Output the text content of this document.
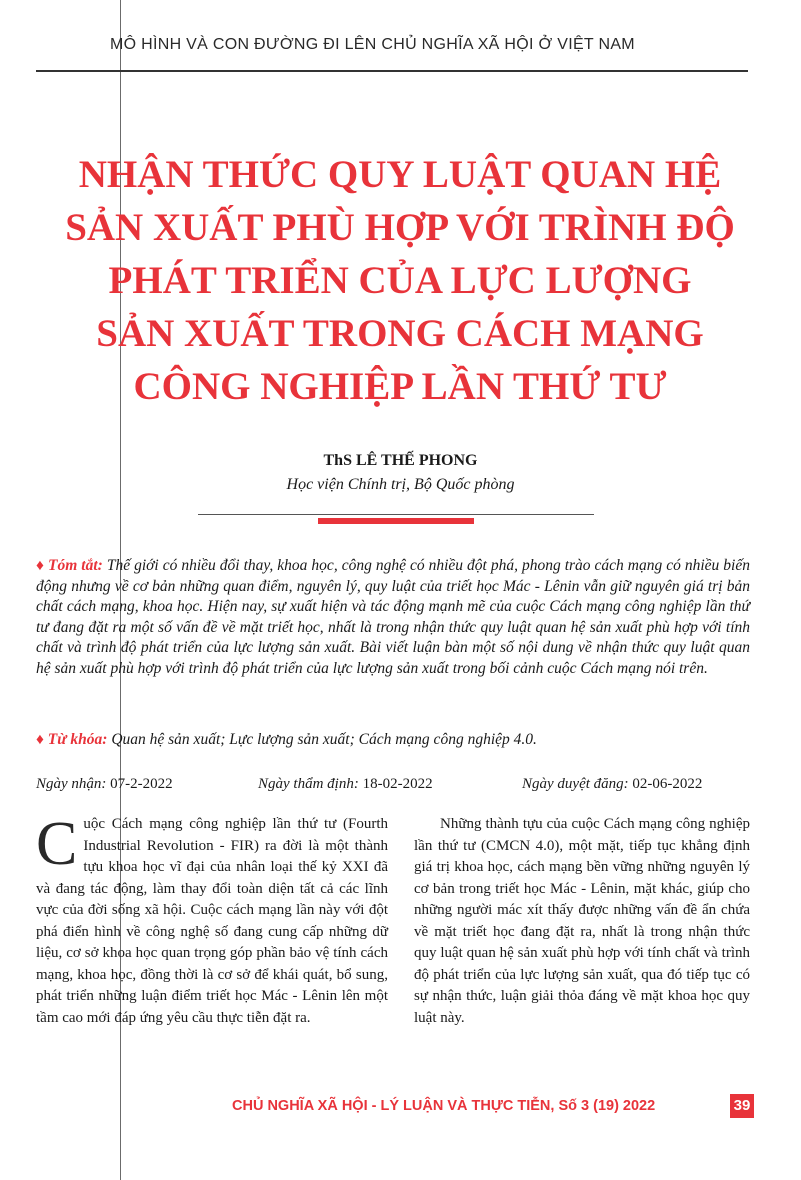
MÔ HÌNH VÀ CON ĐƯỜNG ĐI LÊN CHỦ NGHĨA XÃ HỘI Ở VIỆT NAM
NHẬN THỨC QUY LUẬT QUAN HỆ
SẢN XUẤT PHÙ HỢP VỚI TRÌNH ĐỘ
PHÁT TRIỂN CỦA LỰC LƯỢNG
SẢN XUẤT TRONG CÁCH MẠNG
CÔNG NGHIỆP LẦN THỨ TƯ
ThS LÊ THẾ PHONG
Học viện Chính trị, Bộ Quốc phòng

♦ Tóm tắt: Thế giới có nhiều đổi thay, khoa học, công nghệ có nhiều đột phá, phong trào cách mạng có nhiều biến động nhưng về cơ bản những quan điểm, nguyên lý, quy luật của triết học Mác - Lênin vẫn giữ nguyên giá trị bản chất cách mạng, khoa học. Hiện nay, sự xuất hiện và tác động mạnh mẽ của cuộc Cách mạng công nghiệp lần thứ tư đang đặt ra một số vấn đề về mặt triết học, nhất là trong nhận thức quy luật quan hệ sản xuất phù hợp với tính chất và trình độ phát triển của lực lượng sản xuất. Bài viết luận bàn một số nội dung về nhận thức quy luật quan hệ sản xuất phù hợp với trình độ phát triển của lực lượng sản xuất trong bối cảnh cuộc Cách mạng nói trên.

♦ Từ khóa: Quan hệ sản xuất; Lực lượng sản xuất; Cách mạng công nghiệp 4.0.

Ngày nhận: 07-2-2022	Ngày thẩm định: 18-02-2022	Ngày duyệt đăng: 02-06-2022

Cuộc Cách mạng công nghiệp lần thứ tư (Fourth Industrial Revolution - FIR) ra đời là một thành tựu khoa học vĩ đại của nhân loại thế kỷ XXI đã và đang tác động, làm thay đổi toàn diện tất cả các lĩnh vực của đời sống xã hội. Cuộc cách mạng lần này với đột phá điển hình về công nghệ số đang cung cấp những dữ liệu, cơ sở khoa học quan trọng góp phần bảo vệ tính cách mạng, khoa học, đồng thời là cơ sở để khái quát, bổ sung, phát triển những luận điểm triết học Mác - Lênin lên một tầm cao mới đáp ứng yêu cầu thực tiễn đặt ra.

Những thành tựu của cuộc Cách mạng công nghiệp lần thứ tư (CMCN 4.0), một mặt, tiếp tục khẳng định giá trị khoa học, cách mạng bền vững những nguyên lý cơ bản trong triết học Mác - Lênin, mặt khác, giúp cho những người mác xít thấy được những vấn đề ẩn chứa về mặt triết học đang đặt ra, nhất là trong nhận thức quy luật quan hệ sản xuất phù hợp với tính chất và trình độ phát triển của lực lượng sản xuất, qua đó tiếp tục có sự nhận thức, luận giải thỏa đáng về mặt khoa học quy luật này.

CHỦ NGHĨA XÃ HỘI - LÝ LUẬN VÀ THỰC TIỄN, Số 3 (19) 2022	39
